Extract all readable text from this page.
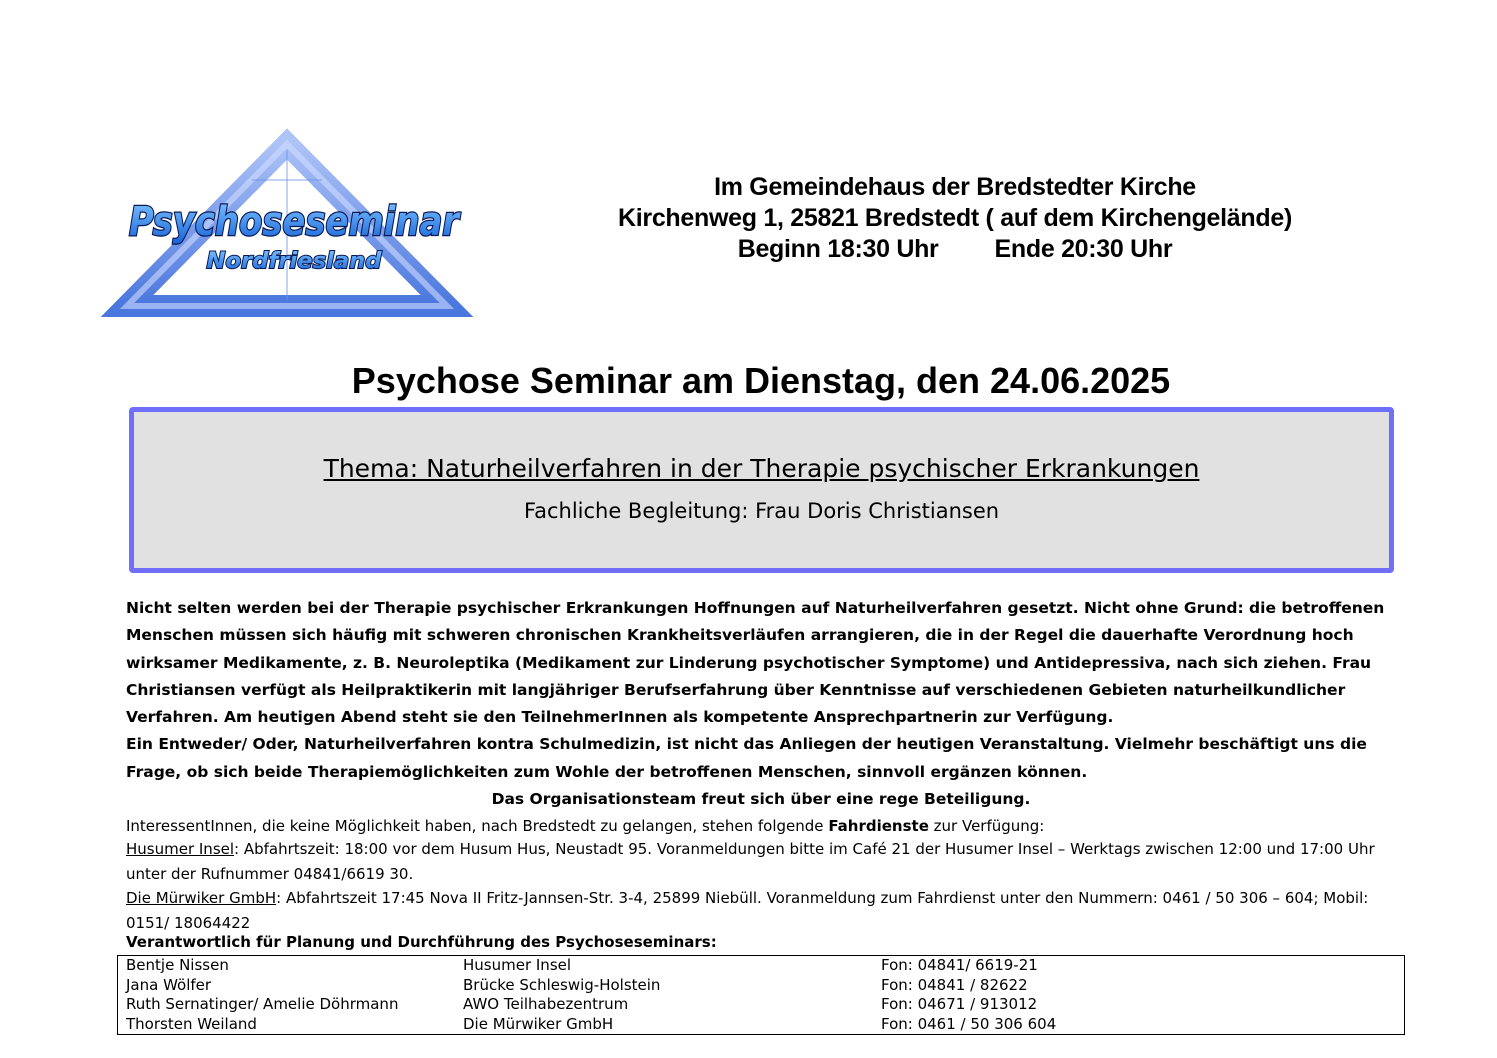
Psychoseseminar
Nordfriesland
Im Gemeindehaus der Bredstedter Kirche
Kirchenweg 1, 25821 Bredstedt ( auf dem Kirchengelände)
Beginn 18:30 Uhr Ende 20:30 Uhr
Psychose Seminar am Dienstag, den 24.06.2025
Thema: Naturheilverfahren in der Therapie psychischer Erkrankungen
Fachliche Begleitung: Frau Doris Christiansen

Nicht selten werden bei der Therapie psychischer Erkrankungen Hoffnungen auf Naturheilverfahren gesetzt. Nicht ohne Grund: die betroffenen Menschen müssen sich häufig mit schweren chronischen Krankheitsverläufen arrangieren, die in der Regel die dauerhafte Verordnung hoch wirksamer Medikamente, z. B. Neuroleptika (Medikament zur Linderung psychotischer Symptome) und Antidepressiva, nach sich ziehen. Frau Christiansen verfügt als Heilpraktikerin mit langjähriger Berufserfahrung über Kenntnisse auf verschiedenen Gebieten naturheilkundlicher Verfahren. Am heutigen Abend steht sie den TeilnehmerInnen als kompetente Ansprechpartnerin zur Verfügung.

Ein Entweder/ Oder, Naturheilverfahren kontra Schulmedizin, ist nicht das Anliegen der heutigen Veranstaltung. Vielmehr beschäftigt uns die Frage, ob sich beide Therapiemöglichkeiten zum Wohle der betroffenen Menschen, sinnvoll ergänzen können.

Das Organisationsteam freut sich über eine rege Beteiligung.

InteressentInnen, die keine Möglichkeit haben, nach Bredstedt zu gelangen, stehen folgende Fahrdienste zur Verfügung:
Husumer Insel: Abfahrtszeit: 18:00 vor dem Husum Hus, Neustadt 95. Voranmeldungen bitte im Café 21 der Husumer Insel – Werktags zwischen 12:00 und 17:00 Uhr unter der Rufnummer 04841/6619 30.
Die Mürwiker GmbH: Abfahrtszeit 17:45 Nova II Fritz-Jannsen-Str. 3-4, 25899 Niebüll. Voranmeldung zum Fahrdienst unter den Nummern: 0461 / 50 306 – 604; Mobil: 0151/ 18064422
Verantwortlich für Planung und Durchführung des Psychoseseminars:
Bentje Nissen	Husumer Insel	Fon: 04841/ 6619-21
Jana Wölfer	Brücke Schleswig-Holstein	Fon: 04841 / 82622
Ruth Sernatinger/ Amelie Döhrmann	AWO Teilhabezentrum	Fon: 04671 / 913012
Thorsten Weiland	Die Mürwiker GmbH	Fon: 0461 / 50 306 604
